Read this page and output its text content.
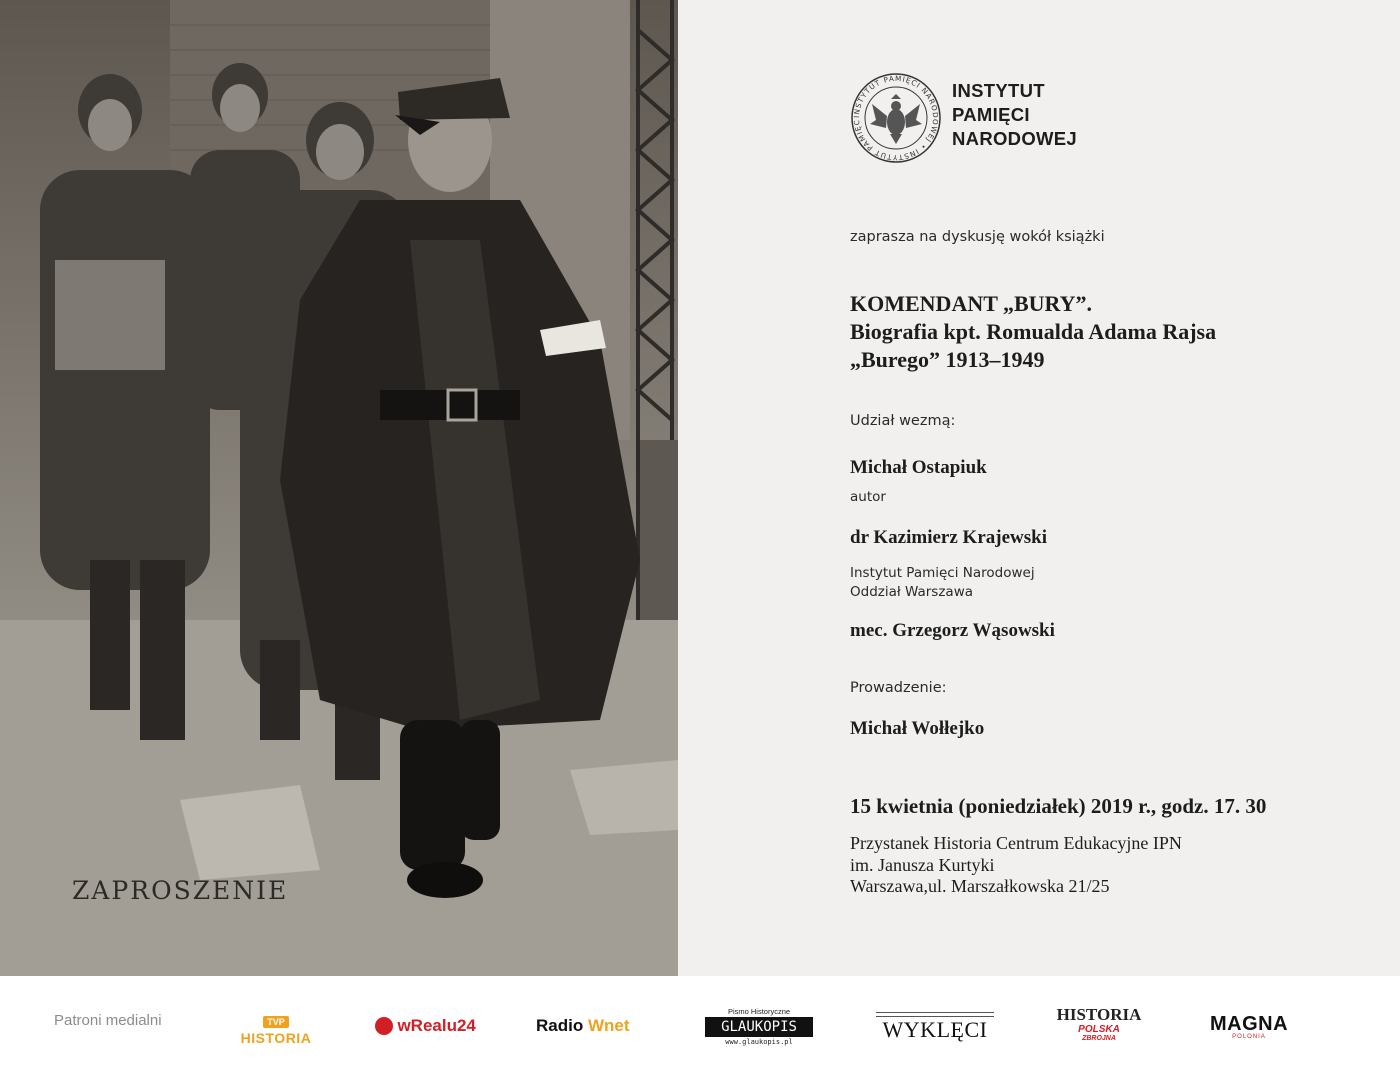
ZAPROSZENIE
INSTYTUT PAMIĘCI NARODOWEJ • INSTYTUT PAMIĘC
INSTYTUT
PAMIĘCI
NARODOWEJ
zaprasza na dyskusję wokół książki
KOMENDANT „BURY”.
Biografia kpt. Romualda Adama Rajsa
„Burego” 1913–1949
Udział wezmą:
Michał Ostapiuk
autor
dr Kazimierz Krajewski
Instytut Pamięci Narodowej
Oddział Warszawa
mec. Grzegorz Wąsowski
Prowadzenie:
Michał Wołłejko
15 kwietnia (poniedziałek) 2019 r., godz. 17. 30
Przystanek Historia Centrum Edukacyjne IPN
im. Janusza Kurtyki
Warszawa,ul. Marszałkowska 21/25
Patroni medialni	TVP
HISTORIA
wRealu24	Radio Wnet
Pismo Historyczne
GLAUKOPIS
www.glaukopis.pl	WYKLĘCI
HISTORIA
POLSKA
ZBROJNA
MAGNA
POLONIA
